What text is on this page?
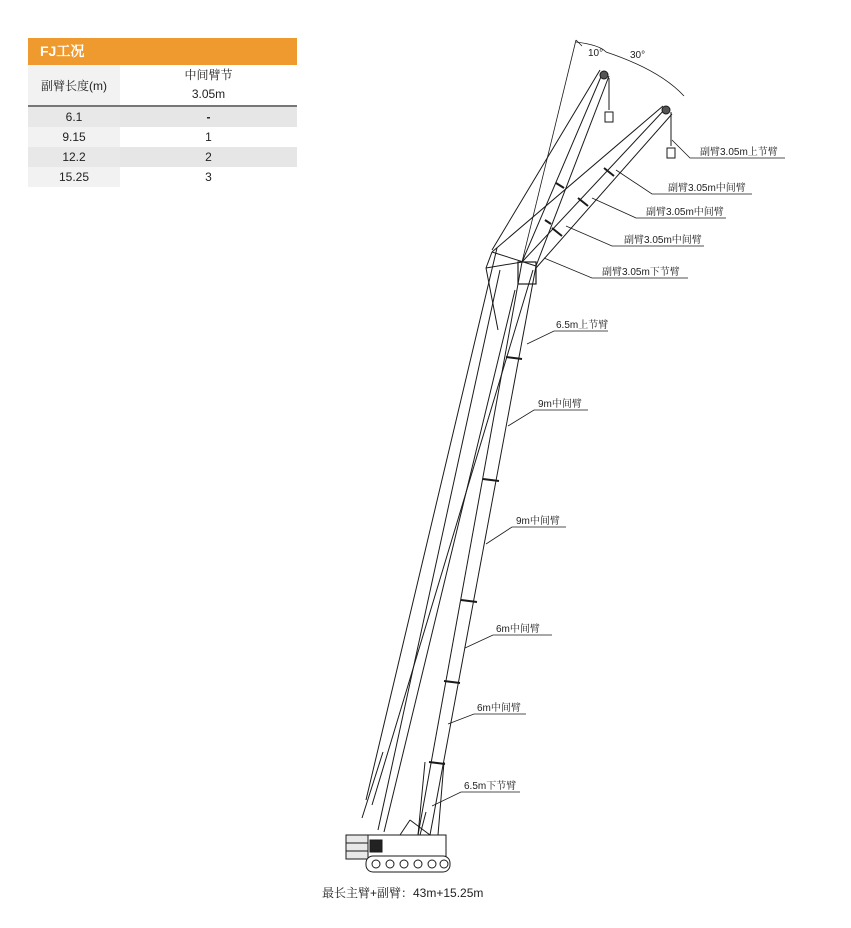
FJ工况
副臂长度(m)
中间臂节
3.05m
6.1	-
9.15	1
12.2	2
15.25	3
10°	30°
副臂3.05m上节臂
副臂3.05m中间臂
副臂3.05m中间臂
副臂3.05m中间臂
副臂3.05m下节臂
6.5m上节臂
9m中间臂
9m中间臂
6m中间臂
6m中间臂
6.5m下节臂
最长主臂+副臂：43m+15.25m
